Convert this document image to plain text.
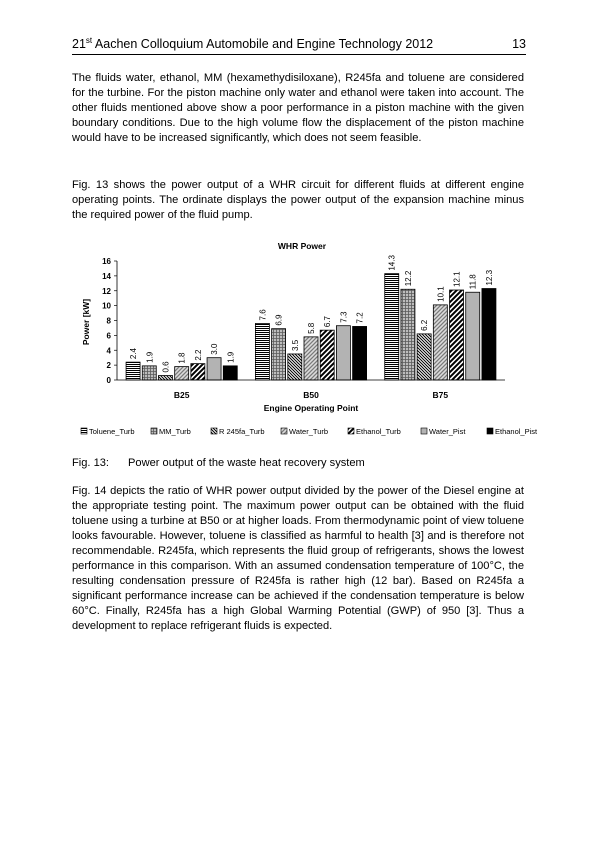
21st Aachen Colloquium Automobile and Engine Technology 2012	13

The fluids water, ethanol, MM (hexamethydisiloxane), R245fa and toluene are considered for the turbine. For the piston machine only water and ethanol were taken into account. The other fluids mentioned above show a poor performance in a piston machine with the given boundary conditions. Due to the high volume flow the displacement of the piston machine would have to be increased significantly, which does not seem feasible.

Fig. 13 shows the power output of a WHR circuit for different fluids at different engine operating points. The ordinate displays the power output of the expansion machine minus the required power of the fluid pump.

WHR Power
Power [kW]
Engine Operating Point
2.4 1.9
0.6
1.8 2.2
3.0
1.9
7.6 6.9
3.5
5.8
6.7 7.3 7.2
14.3
12.2
6.2
10.1
12.1 11.8 12.3
0
2
4
6
8
10
12
14
16
B25	B50	B75
Toluene_Turb	MM_Turb	R 245fa_Turb	Water_Turb	Ethanol_Turb	Water_Pist	Ethanol_Pist
Fig. 13: Power output of the waste heat recovery system

Fig. 14 depicts the ratio of WHR power output divided by the power of the Diesel engine at the appropriate testing point. The maximum power output can be obtained with the fluid toluene using a turbine at B50 or at higher loads. From thermodynamic point of view toluene looks favourable. However, toluene is classified as harmful to health [3] and is therefore not recommendable. R245fa, which represents the fluid group of refrigerants, shows the lowest performance in this comparison. With an assumed condensation temperature of 100°C, the resulting condensation pressure of R245fa is rather high (12 bar). Based on R245fa a significant performance increase can be achieved if the condensation temperature is below 60°C. Finally, R245fa has a high Global Warming Potential (GWP) of 950 [3]. Thus a development to replace refrigerant fluids is expected.
